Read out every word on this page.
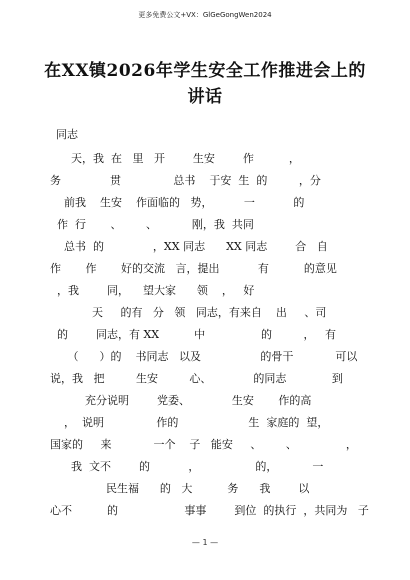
更多免费公文+VX：GlGeGongWen2024
在XX镇2026年学生安全工作推进会上的讲话
同志
天，我  在   里   开        生安        作          ，
务              贯               总书    于安  生  的         ，分
前我    生安    作面临的   势，         一           的
作  行       、       、          刚，我  共同
总书  的              ，XX 同志      XX 同志        合   自
作       作       好的交流   言，提出           有          的意见
，我        同，    望大家      领    ，   好
天     的有   分   领   同志，有来自    出     、司
的        同志，有 XX          中                的         ，   有
（      ）的    书同志   以及                 的骨干            可以
说，我   把         生安         心、            的同志             到
充分说明        党委、            生安       作的高
，  说明               作的                    生  家庭的  望，
国家的     来            一个    子   能安     、       、              ，
我  文不        的           ，                的，          一
民生福      的   大          务      我        以
心不          的                   事事        到位  的执行  ，共同为   子
— 1 —
